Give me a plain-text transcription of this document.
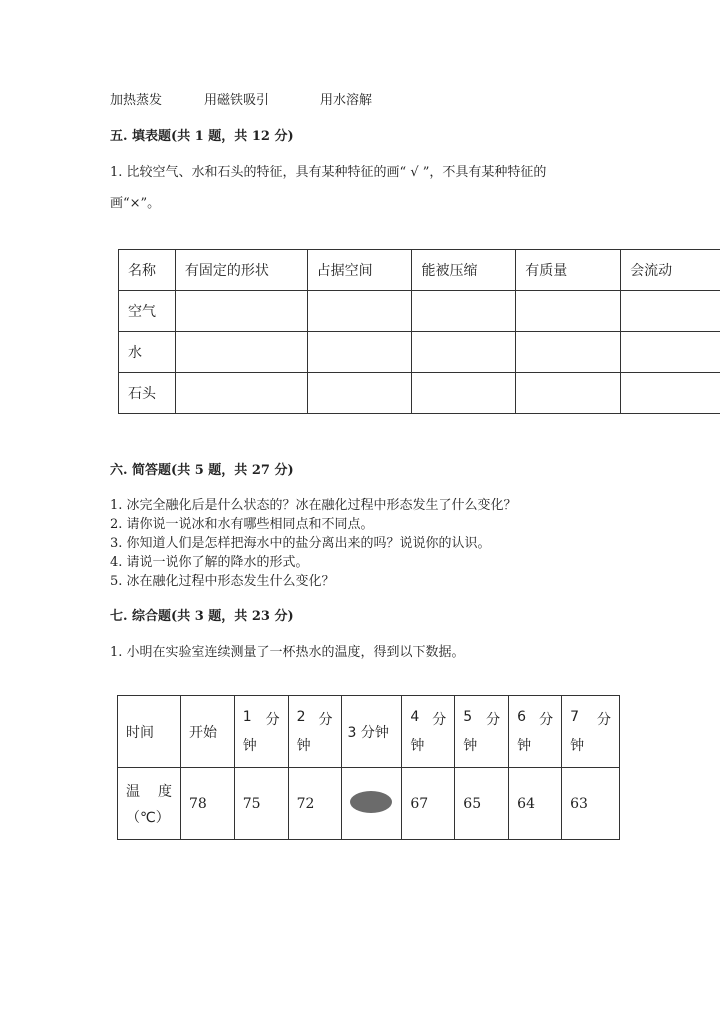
加热蒸发	用磁铁吸引	用水溶解
五. 填表题(共 1 题，共 12 分)
1. 比较空气、水和石头的特征，具有某种特征的画“ √ ”，不具有某种特征的
画“×”。
名称	有固定的形状	占据空间	能被压缩	有质量	会流动
空气					
水					
石头					
六. 简答题(共 5 题，共 27 分)
1. 冰完全融化后是什么状态的？冰在融化过程中形态发生了什么变化？
2. 请你说一说冰和水有哪些相同点和不同点。
3. 你知道人们是怎样把海水中的盐分离出来的吗？说说你的认识。
4. 请说一说你了解的降水的形式。
5. 冰在融化过程中形态发生什么变化？
七. 综合题(共 3 题，共 23 分)
1. 小明在实验室连续测量了一杯热水的温度，得到以下数据。
时间	开始	1 分
钟	2 分
钟	3 分钟	4 分
钟	5 分
钟	6 分
钟	7 分
钟

温 度
（℃）	78	75	72		67	65	64	63
